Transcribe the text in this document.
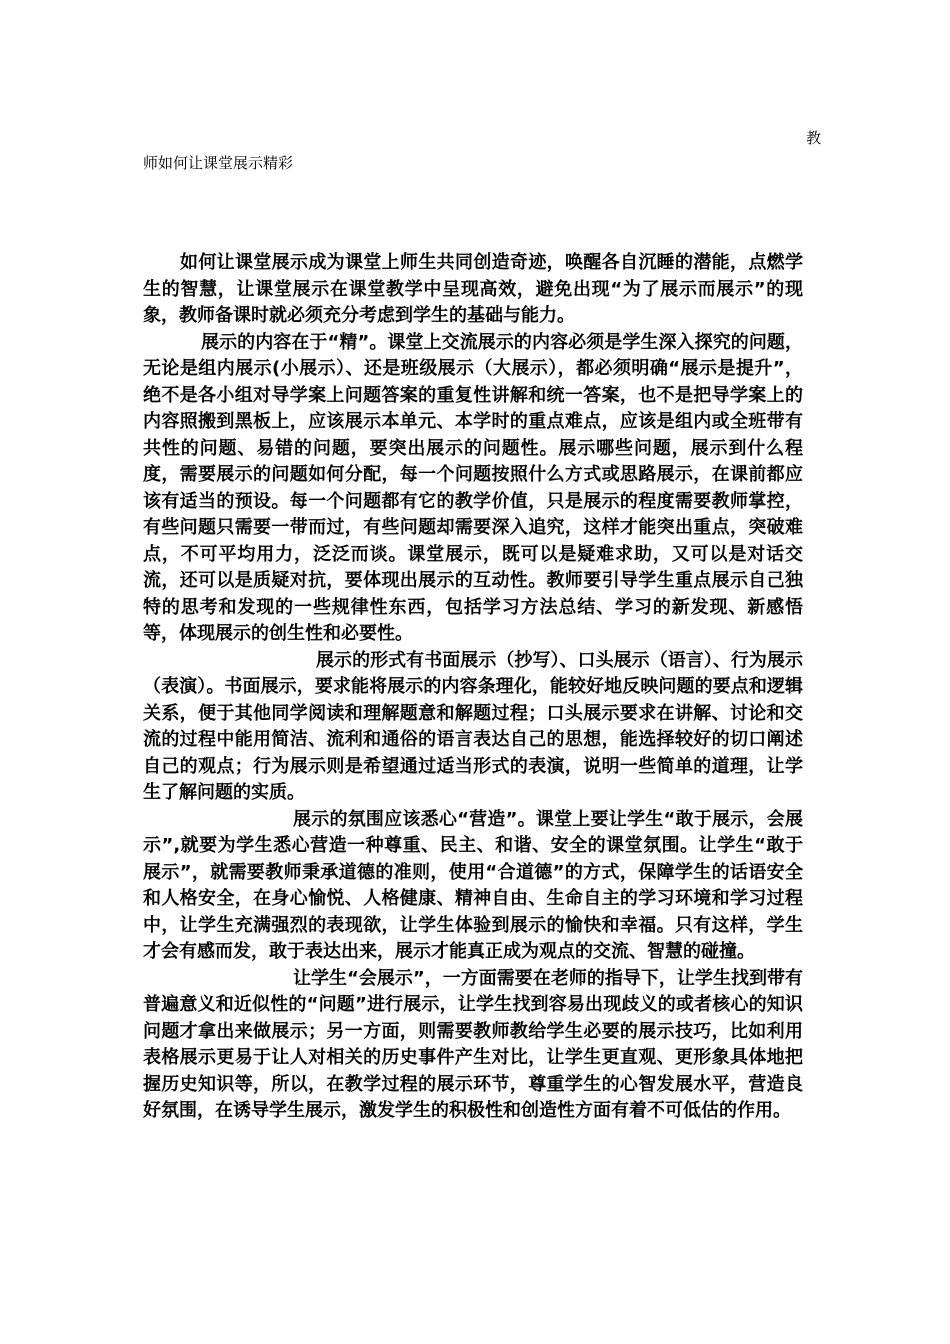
教
师如何让课堂展示精彩

如何让课堂展示成为课堂上师生共同创造奇迹，唤醒各自沉睡的潜能，点燃学生的智慧，让课堂展示在课堂教学中呈现高效，避免出现“为了展示而展示”的现象，教师备课时就必须充分考虑到学生的基础与能力。

展示的内容在于“精”。课堂上交流展示的内容必须是学生深入探究的问题，无论是组内展示(小展示）、还是班级展示（大展示），都必须明确“展示是提升”，绝不是各小组对导学案上问题答案的重复性讲解和统一答案，也不是把导学案上的内容照搬到黑板上，应该展示本单元、本学时的重点难点，应该是组内或全班带有共性的问题、易错的问题，要突出展示的问题性。展示哪些问题，展示到什么程度，需要展示的问题如何分配，每一个问题按照什么方式或思路展示，在课前都应该有适当的预设。每一个问题都有它的教学价值，只是展示的程度需要教师掌控，有些问题只需要一带而过，有些问题却需要深入追究，这样才能突出重点，突破难点，不可平均用力，泛泛而谈。课堂展示，既可以是疑难求助，又可以是对话交流，还可以是质疑对抗，要体现出展示的互动性。教师要引导学生重点展示自己独特的思考和发现的一些规律性东西，包括学习方法总结、学习的新发现、新感悟等，体现展示的创生性和必要性。

展示的形式有书面展示（抄写）、口头展示（语言）、行为展示（表演）。书面展示，要求能将展示的内容条理化，能较好地反映问题的要点和逻辑关系，便于其他同学阅读和理解题意和解题过程；口头展示要求在讲解、讨论和交流的过程中能用简洁、流利和通俗的语言表达自己的思想，能选择较好的切口阐述自己的观点；行为展示则是希望通过适当形式的表演，说明一些简单的道理，让学生了解问题的实质。

展示的氛围应该悉心“营造”。课堂上要让学生“敢于展示，会展示”,就要为学生悉心营造一种尊重、民主、和谐、安全的课堂氛围。让学生“敢于展示”，就需要教师秉承道德的准则，使用“合道德”的方式，保障学生的话语安全和人格安全，在身心愉悦、人格健康、精神自由、生命自主的学习环境和学习过程中，让学生充满强烈的表现欲，让学生体验到展示的愉快和幸福。只有这样，学生才会有感而发，敢于表达出来，展示才能真正成为观点的交流、智慧的碰撞。

让学生“会展示”，一方面需要在老师的指导下，让学生找到带有普遍意义和近似性的“问题”进行展示，让学生找到容易出现歧义的或者核心的知识问题才拿出来做展示；另一方面，则需要教师教给学生必要的展示技巧，比如利用表格展示更易于让人对相关的历史事件产生对比，让学生更直观、更形象具体地把握历史知识等，所以，在教学过程的展示环节，尊重学生的心智发展水平，营造良好氛围，在诱导学生展示，激发学生的积极性和创造性方面有着不可低估的作用。
